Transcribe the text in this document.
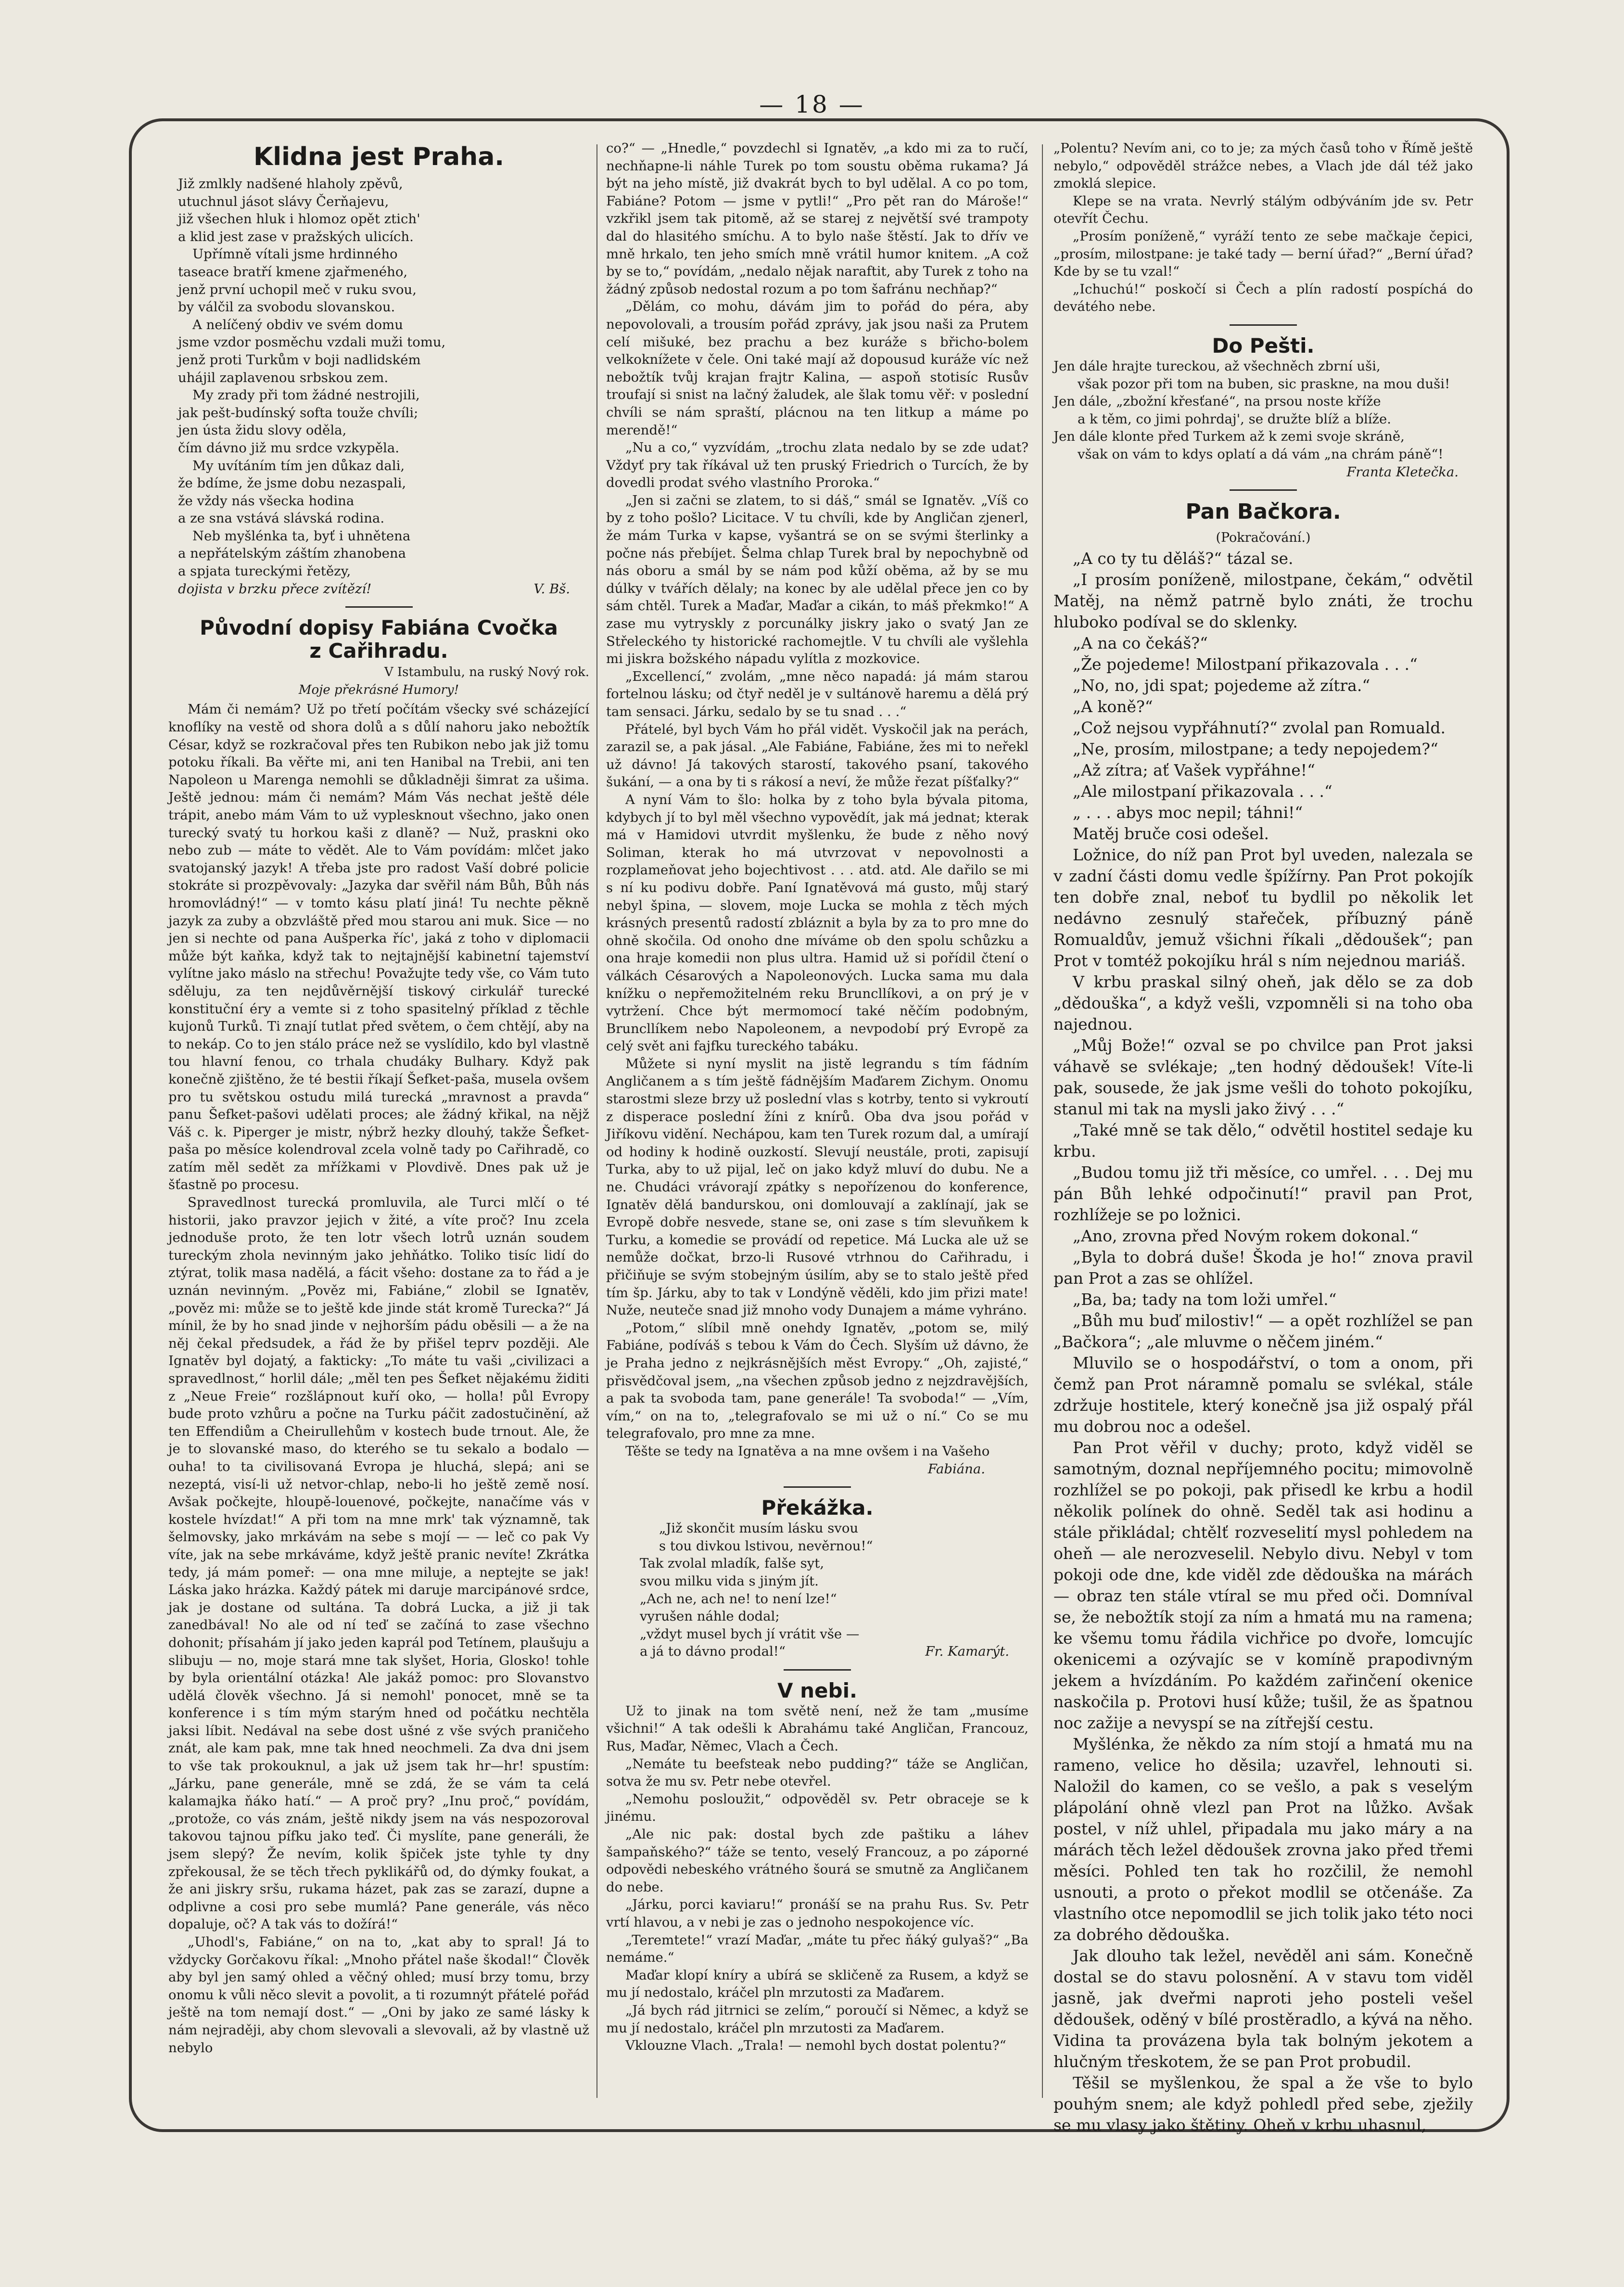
— 18 —
Klidna jest Praha.

Již zmlkly nadšené hlaholy zpěvů,

utuchnul jásot slávy Čerňajevu,

již všechen hluk i hlomoz opět ztich'

a klid jest zase v pražských ulicích.

Upřímně vítali jsme hrdinného

taseace bratří kmene zjařmeného,

jenž první uchopil meč v ruku svou,

by válčil za svobodu slovanskou.

A nelíčený obdiv ve svém domu

jsme vzdor posměchu vzdali muži tomu,

jenž proti Turkům v boji nadlidském

uhájil zaplavenou srbskou zem.

My zrady při tom žádné nestrojili,

jak pešt-budínský softa touže chvíli;

jen ústa židu slovy oděla,

čím dávno již mu srdce vzkypěla.

My uvítáním tím jen důkaz dali,

že bdíme, že jsme dobu nezaspali,

že vždy nás všecka hodina

a ze sna vstává slávská rodina.

Neb myšlénka ta, byť i uhnětena

a nepřátelským záštím zhanobena

a spjata tureckými řetězy,

dojista v brzku přece zvítězí!	V. Bš.

Původní dopisy Fabiána Cvočka
z Cařihradu.

V Istambulu, na ruský Nový rok.

Moje překrásné Humory!

Mám či nemám? Už po třetí počítám všecky své scházející knoflíky na vestě od shora dolů a s důlí nahoru jako nebožtík César, když se rozkračoval přes ten Rubikon nebo jak již tomu potoku říkali. Ba věřte mi, ani ten Hanibal na Trebii, ani ten Napoleon u Marenga nemohli se důkladněji šimrat za ušima. Ještě jednou: mám či nemám? Mám Vás nechat ještě déle trápit, anebo mám Vám to už vyplesknout všechno, jako onen turecký svatý tu horkou kaši z dlaně? — Nuž, praskni oko nebo zub — máte to vědět. Ale to Vám povídám: mlčet jako svatojanský jazyk! A třeba jste pro radost Vaší dobré policie stokráte si prozpěvovaly: „Jazyka dar svěřil nám Bůh, Bůh nás hromovládný!“ — v tomto kásu platí jiná! Tu nechte pěkně jazyk za zuby a obzvláště před mou starou ani muk. Sice — no jen si nechte od pana Aušperka říc', jaká z toho v diplomacii může být kaňka, když tak to nejtajnější kabinetní tajemství vylítne jako máslo na střechu! Považujte tedy vše, co Vám tuto sděluju, za ten nejdůvěrnější tiskový cirkulář turecké konstituční éry a vemte si z toho spasitelný příklad z těchle kujonů Turků. Ti znají tutlat před světem, o čem chtějí, aby na to nekáp. Co to jen stálo práce než se vyslídilo, kdo byl vlastně tou hlavní fenou, co trhala chudáky Bulhary. Když pak konečně zjištěno, že té bestii říkají Šefket-paša, musela ovšem pro tu světskou ostudu milá turecká „mravnost a pravda“ panu Šefket-pašovi udělati proces; ale žádný křikal, na nějž Váš c. k. Piperger je mistr, nýbrž hezky dlouhý, takže Šefket-paša po měsíce kolendroval zcela volně tady po Cařihradě, co zatím měl sedět za mřížkami v Plovdivě. Dnes pak už je šťastně po procesu.

Spravedlnost turecká promluvila, ale Turci mlčí o té historii, jako pravzor jejich v žité, a víte proč? Inu zcela jednoduše proto, že ten lotr všech lotrů uznán soudem tureckým zhola nevinným jako jehňátko. Toliko tisíc lidí do ztýrat, tolik masa nadělá, a fácit všeho: dostane za to řád a je uznán nevinným. „Pověz mi, Fabiáne,“ zlobil se Ignatěv, „pověz mi: může se to ještě kde jinde stát kromě Turecka?“ Já mínil, že by ho snad jinde v nejhorším pádu oběsili — a že na něj čekal předsudek, a řád že by přišel teprv později. Ale Ignatěv byl dojatý, a fakticky: „To máte tu vaši „civilizaci a spravedlnost,“ horlil dále; „měl ten pes Šefket nějakému židiti z „Neue Freie“ rozšlápnout kuří oko, — holla! půl Evropy bude proto vzhůru a počne na Turku páčit zadostučinění, až ten Effendiům a Cheirullehům v kostech bude trnout. Ale, že je to slovanské maso, do kterého se tu sekalo a bodalo — ouha! to ta civilisovaná Evropa je hluchá, slepá; ani se nezeptá, visí-li už netvor-chlap, nebo-li ho ještě země nosí. Avšak počkejte, hloupě-louenové, počkejte, nanačíme vás v kostele hvízdat!“ A při tom na mne mrk' tak významně, tak šelmovsky, jako mrkávám na sebe s mojí — — leč co pak Vy víte, jak na sebe mrkáváme, když ještě pranic nevíte! Zkrátka tedy, já mám pomeř: — ona mne miluje, a neptejte se jak! Láska jako hrázka. Každý pátek mi daruje marcipánové srdce, jak je dostane od sultána. Ta dobrá Lucka, a již ji tak zanedbával! No ale od ní teď se začíná to zase všechno dohonit; přísahám jí jako jeden kaprál pod Tetínem, plaušuju a slibuju — no, moje stará mne tak slyšet, Horia, Glosko! tohle by byla orientální otázka! Ale jakáž pomoc: pro Slovanstvo udělá člověk všechno. Já si nemohl' ponocet, mně se ta konference i s tím mým starým hned od počátku nechtěla jaksi líbit. Nedával na sebe dost ušné z vše svých praničeho znát, ale kam pak, mne tak hned neochmeli. Za dva dni jsem to vše tak prokouknul, a jak už jsem tak hr—hr! spustím: „Járku, pane generále, mně se zdá, že se vám ta celá kalamajka ňáko hatí.“ — A proč pry? „Inu proč,“ povídám, „protože, co vás znám, ještě nikdy jsem na vás nespozoroval takovou tajnou pífku jako teď. Či myslíte, pane generáli, že jsem slepý? Že nevím, kolik špiček jste tyhle ty dny zpřekousal, že se těch třech pyklikářů od, do dýmky foukat, a že ani jiskry sršu, rukama házet, pak zas se zarazí, dupne a odplivne a cosi pro sebe mumlá? Pane generále, vás něco dopaluje, oč? A tak vás to dožírá!“

„Uhodl's, Fabiáne,“ on na to, „kat aby to spral! Já to vždycky Gorčakovu říkal: „Mnoho přátel naše škodal!“ Člověk aby byl jen samý ohled a věčný ohled; musí brzy tomu, brzy onomu k vůli něco slevit a povolit, a ti rozumnýt přátelé pořád ještě na tom nemají dost.“ — „Oni by jako ze samé lásky k nám nejraději, aby chom slevovali a slevovali, až by vlastně už nebylo

co?“ — „Hnedle,“ povzdechl si Ignatěv, „a kdo mi za to ručí, nechňapne-li náhle Turek po tom soustu oběma rukama? Já být na jeho místě, již dvakrát bych to byl udělal. A co po tom, Fabiáne? Potom — jsme v pytli!“ „Pro pět ran do Mároše!“ vzkřikl jsem tak pitomě, až se starej z největší své trampoty dal do hlasitého smíchu. A to bylo naše štěstí. Jak to dřív ve mně hrkalo, ten jeho smích mně vrátil humor knitem. „A což by se to,“ povídám, „nedalo nějak naraftit, aby Turek z toho na žádný způsob nedostal rozum a po tom šafránu nechňap?“

„Dělám, co mohu, dávám jim to pořád do péra, aby nepovolovali, a trousím pořád zprávy, jak jsou naši za Prutem celí mišuké, bez prachu a bez kuráže s břicho-bolem velkoknížete v čele. Oni také mají až dopousud kuráže víc než nebožtík tvůj krajan frajtr Kalina, — aspoň stotisíc Rusův troufají si snist na lačný žaludek, ale šlak tomu věř: v poslední chvíli se nám spraští, plácnou na ten litkup a máme po merendě!“

„Nu a co,“ vyzvídám, „trochu zlata nedalo by se zde udat? Vždyť pry tak říkával už ten pruský Friedrich o Turcích, že by dovedli prodat svého vlastního Proroka.“

„Jen si začni se zlatem, to si dáš,“ smál se Ignatěv. „Víš co by z toho pošlo? Licitace. V tu chvíli, kde by Angličan zjenerl, že mám Turka v kapse, vyšantrá se on se svými šterlinky a počne nás přebíjet. Šelma chlap Turek bral by nepochybně od nás oboru a smál by se nám pod kůží oběma, až by se mu dúlky v tvářích dělaly; na konec by ale udělal přece jen co by sám chtěl. Turek a Maďar, Maďar a cikán, to máš překmko!“ A zase mu vytryskly z porcunálky jiskry jako o svatý Jan ze Střeleckého ty historické rachomejtle. V tu chvíli ale vyšlehla mi jiskra božského nápadu vylítla z mozkovice.

„Excellencí,“ zvolám, „mne něco napadá: já mám starou fortelnou lásku; od čtyř neděl je v sultánově haremu a dělá prý tam sensaci. Járku, sedalo by se tu snad . . .“

Přátelé, byl bych Vám ho přál vidět. Vyskočil jak na perách, zarazil se, a pak jásal. „Ale Fabiáne, Fabiáne, žes mi to neřekl už dávno! Já takových starostí, takového psaní, takového šukání, — a ona by ti s rákosí a neví, že může řezat píšťalky?“

A nyní Vám to šlo: holka by z toho byla bývala pitoma, kdybych jí to byl měl všechno vypovědít, jak má jednat; kterak má v Hamidovi utvrdit myšlenku, že bude z něho nový Soliman, kterak ho má utvrzovat v nepovolnosti a rozplameňovat jeho bojechtivost . . . atd. atd. Ale dařilo se mi s ní ku podivu dobře. Paní Ignatěvová má gusto, můj starý nebyl špina, — slovem, moje Lucka se mohla z těch mých krásných presentů radostí zbláznit a byla by za to pro mne do ohně skočila. Od onoho dne míváme ob den spolu schůzku a ona hraje komedii non plus ultra. Hamid už si pořídil čtení o válkách Césarových a Napoleonových. Lucka sama mu dala knížku o nepřemožitelném reku Bruncllíkovi, a on prý je v vytržení. Chce být mermomocí také něčím podobným, Bruncllíkem nebo Napoleonem, a nevpodobí prý Evropě za celý svět ani fajfku tureckého tabáku.

Můžete si nyní myslit na jistě legrandu s tím fádním Angličanem a s tím ještě fádnějším Maďarem Zichym. Onomu starostmi sleze brzy už poslední vlas s kotrby, tento si vykroutí z disperace poslední žíni z knírů. Oba dva jsou pořád v Jiříkovu vidění. Nechápou, kam ten Turek rozum dal, a umírají od hodiny k hodině ouzkostí. Slevují neustále, proti, zapisují Turka, aby to už pijal, leč on jako když mluví do dubu. Ne a ne. Chudáci vrávorají zpátky s nepořízenou do konference, Ignatěv dělá bandurskou, oni domlouvají a zaklínají, jak se Evropě dobře nesvede, stane se, oni zase s tím slevuňkem k Turku, a komedie se provádí od repetice. Má Lucka ale už se nemůže dočkat, brzo-li Rusové vtrhnou do Cařihradu, i přičiňuje se svým stobejným úsilím, aby se to stalo ještě před tím šp. Járku, aby to tak v Londýně věděli, kdo jim přizi mate! Nuže, neuteče snad již mnoho vody Dunajem a máme vyhráno.

„Potom,“ slíbil mně onehdy Ignatěv, „potom se, milý Fabiáne, podíváš s tebou k Vám do Čech. Slyším už dávno, že je Praha jedno z nejkrásnějších měst Evropy.“ „Oh, zajisté,“ přisvědčoval jsem, „na všechen způsob jedno z nejzdravějších, a pak ta svoboda tam, pane generále! Ta svoboda!“ — „Vím, vím,“ on na to, „telegrafovalo se mi už o ní.“ Co se mu telegrafovalo, pro mne za mne.

Těšte se tedy na Ignatěva a na mne ovšem i na Vašeho

Fabiána.

Překážka.

„Již skončit musím lásku svou

s tou divkou lstivou, nevěrnou!“

Tak zvolal mladík, falše syt,

svou milku vida s jiným jít.

„Ach ne, ach ne! to není lze!“

vyrušen náhle dodal;

„vždyt musel bych jí vrátit vše —

a já to dávno prodal!“	Fr. Kamarýt.

V nebi.

Už to jinak na tom světě není, než že tam „musíme všichni!“ A tak odešli k Abrahámu také Angličan, Francouz, Rus, Maďar, Němec, Vlach a Čech.

„Nemáte tu beefsteak nebo pudding?“ táže se Angličan, sotva že mu sv. Petr nebe otevřel.

„Nemohu posloužit,“ odpověděl sv. Petr obraceje se k jinému.

„Ale nic pak: dostal bych zde paštiku a láhev šampaňského?“ táže se tento, veselý Francouz, a po záporné odpovědi nebeského vrátného šourá se smutně za Angličanem do nebe.

„Járku, porci kaviaru!“ pronáší se na prahu Rus. Sv. Petr vrtí hlavou, a v nebi je zas o jednoho nespokojence víc.

„Teremtete!“ vrazí Maďar, „máte tu přec ňáký gulyaš?“ „Ba nemáme.“

Maďar klopí kníry a ubírá se skličeně za Rusem, a když se mu jí nedostalo, kráčel pln mrzutosti za Maďarem.

„Já bych rád jitrnici se zelím,“ poroučí si Němec, a když se mu jí nedostalo, kráčel pln mrzutosti za Maďarem.

Vklouzne Vlach. „Trala! — nemohl bych dostat polentu?“

„Polentu? Nevím ani, co to je; za mých časů toho v Římě ještě nebylo,“ odpověděl strážce nebes, a Vlach jde dál též jako zmoklá slepice.

Klepe se na vrata. Nevrlý stálým odbýváním jde sv. Petr otevřít Čechu.

„Prosím poníženě,“ vyráží tento ze sebe mačkaje čepici, „prosím, milostpane: je také tady — berní úřad?“ „Berní úřad? Kde by se tu vzal!“

„Ichuchú!“ poskočí si Čech a plín radostí pospíchá do devátého nebe.

Do Pešti.

Jen dále hrajte tureckou, až všechněch zbrní uši,

však pozor při tom na buben, sic praskne, na mou duši!

Jen dále, „zbožní křesťané“, na prsou noste kříže

a k těm, co jimi pohrdaj', se družte blíž a blíže.

Jen dále klonte před Turkem až k zemi svoje skráně,

však on vám to kdys oplatí a dá vám „na chrám páně“!

Franta Kletečka.

Pan Bačkora.

(Pokračování.)

„A co ty tu děláš?“ tázal se.

„I prosím poníženě, milostpane, čekám,“ odvětil Matěj, na němž patrně bylo znáti, že trochu hluboko podíval se do sklenky.

„A na co čekáš?“

„Že pojedeme! Milostpaní přikazovala . . .“

„No, no, jdi spat; pojedeme až zítra.“

„A koně?“

„Což nejsou vypřáhnutí?“ zvolal pan Romuald.

„Ne, prosím, milostpane; a tedy nepojedem?“

„Až zítra; ať Vašek vypřáhne!“

„Ale milostpaní přikazovala . . .“

„ . . . abys moc nepil; táhni!“

Matěj bruče cosi odešel.

Ložnice, do níž pan Prot byl uveden, nalezala se v zadní části domu vedle špížírny. Pan Prot pokojík ten dobře znal, neboť tu bydlil po několik let nedávno zesnulý stařeček, příbuzný páně Romualdův, jemuž všichni říkali „dědoušek“; pan Prot v tomtéž pokojíku hrál s ním nejednou mariáš.

V krbu praskal silný oheň, jak dělo se za dob „dědouška“, a když vešli, vzpomněli si na toho oba najednou.

„Můj Bože!“ ozval se po chvilce pan Prot jaksi váhavě se svlékaje; „ten hodný dědoušek! Víte-li pak, sousede, že jak jsme vešli do tohoto pokojíku, stanul mi tak na mysli jako živý . . .“

„Také mně se tak dělo,“ odvětil hostitel sedaje ku krbu.

„Budou tomu již tři měsíce, co umřel. . . . Dej mu pán Bůh lehké odpočinutí!“ pravil pan Prot, rozhlížeje se po ložnici.

„Ano, zrovna před Novým rokem dokonal.“

„Byla to dobrá duše! Škoda je ho!“ znova pravil pan Prot a zas se ohlížel.

„Ba, ba; tady na tom loži umřel.“

„Bůh mu buď milostiv!“ — a opět rozhlížel se pan „Bačkora“; „ale mluvme o něčem jiném.“

Mluvilo se o hospodářství, o tom a onom, při čemž pan Prot náramně pomalu se svlékal, stále zdržuje hostitele, který konečně jsa již ospalý přál mu dobrou noc a odešel.

Pan Prot věřil v duchy; proto, když viděl se samotným, doznal nepříjemného pocitu; mimovolně rozhlížel se po pokoji, pak přisedl ke krbu a hodil několik polínek do ohně. Seděl tak asi hodinu a stále přikládal; chtělť rozveselití mysl pohledem na oheň — ale nerozveselil. Nebylo divu. Nebyl v tom pokoji ode dne, kde viděl zde dědouška na márách — obraz ten stále vtíral se mu před oči. Domníval se, že nebožtík stojí za ním a hmatá mu na ramena; ke všemu tomu řádila vichřice po dvoře, lomcujíc okenicemi a ozývajíc se v komíně prapodivným jekem a hvízdáním. Po každém zařinčení okenice naskočila p. Protovi husí kůže; tušil, že as špatnou noc zažije a nevyspí se na zítřejší cestu.

Myšlénka, že někdo za ním stojí a hmatá mu na rameno, velice ho děsila; uzavřel, lehnouti si. Naložil do kamen, co se vešlo, a pak s veselým plápolání ohně vlezl pan Prot na lůžko. Avšak postel, v níž uhlel, připadala mu jako máry a na márách těch ležel dědoušek zrovna jako před třemi měsíci. Pohled ten tak ho rozčilil, že nemohl usnouti, a proto o překot modlil se otčenáše. Za vlastního otce nepomodlil se jich tolik jako této noci za dobrého dědouška.

Jak dlouho tak ležel, nevěděl ani sám. Konečně dostal se do stavu polosnění. A v stavu tom viděl jasně, jak dveřmi naproti jeho posteli vešel dědoušek, oděný v bílé prostěradlo, a kývá na něho. Vidina ta provázena byla tak bolným jekotem a hlučným třeskotem, že se pan Prot probudil.

Těšil se myšlenkou, že spal a že vše to bylo pouhým snem; ale když pohledl před sebe, zježily se mu vlasy jako štětiny. Oheň v krbu uhasnul,
